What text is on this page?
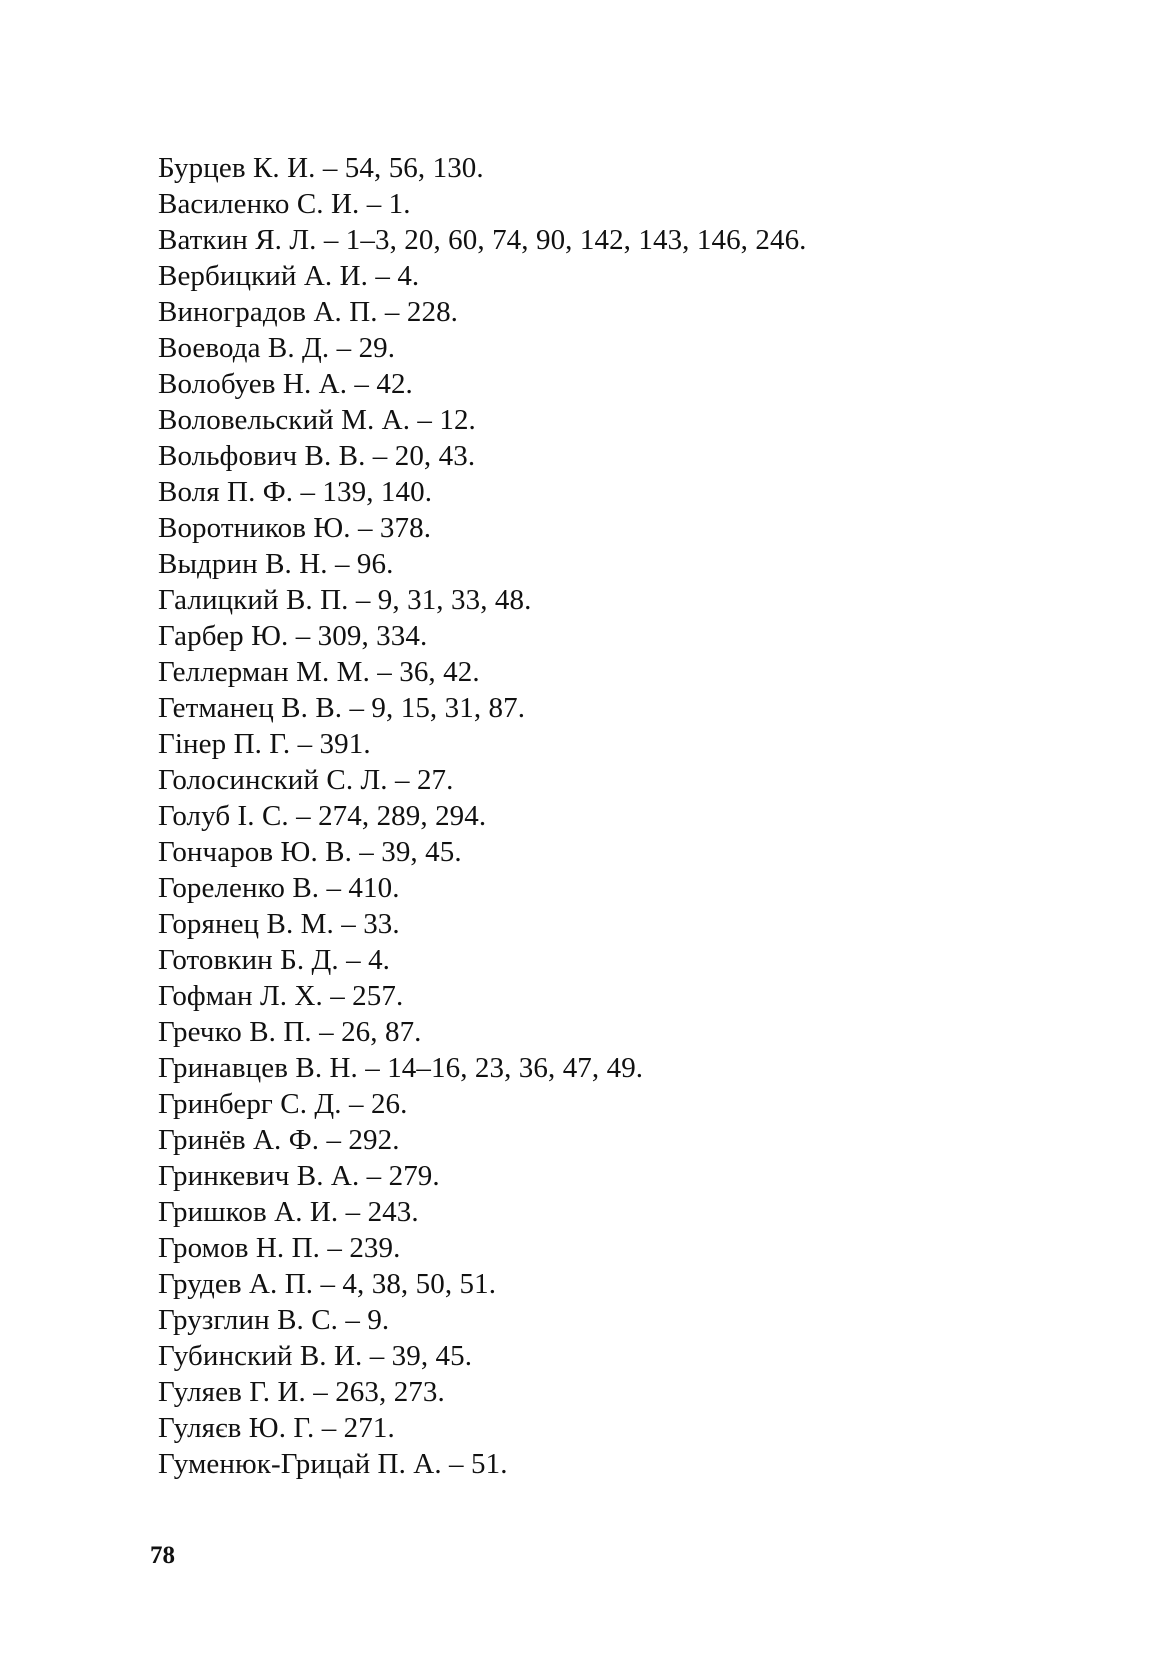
Бурцев К. И. – 54, 56, 130.
Василенко С. И. – 1.
Ваткин Я. Л. – 1–3, 20, 60, 74, 90, 142, 143, 146, 246.
Вербицкий А. И. – 4.
Виноградов А. П. – 228.
Воевода В. Д. – 29.
Волобуев Н. А. – 42.
Воловельский М. А. – 12.
Вольфович В. В. – 20, 43.
Воля П. Ф. – 139, 140.
Воротников Ю. – 378.
Выдрин В. Н. – 96.
Галицкий В. П. – 9, 31, 33, 48.
Гарбер Ю. – 309, 334.
Геллерман М. М. – 36, 42.
Гетманец В. В. – 9, 15, 31, 87.
Гінер П. Г. – 391.
Голосинский С. Л. – 27.
Голуб І. С. – 274, 289, 294.
Гончаров Ю. В. – 39, 45.
Гореленко В. – 410.
Горянец В. М. – 33.
Готовкин Б. Д. – 4.
Гофман Л. Х. – 257.
Гречко В. П. – 26, 87.
Гринавцев В. Н. – 14–16, 23, 36, 47, 49.
Гринберг С. Д. – 26.
Гринёв А. Ф. – 292.
Гринкевич В. А. – 279.
Гришков А. И. – 243.
Громов Н. П. – 239.
Грудев А. П. – 4, 38, 50, 51.
Грузглин В. С. – 9.
Губинский В. И. – 39, 45.
Гуляев Г. И. – 263, 273.
Гуляєв Ю. Г. – 271.
Гуменюк-Грицай П. А. – 51.
78
